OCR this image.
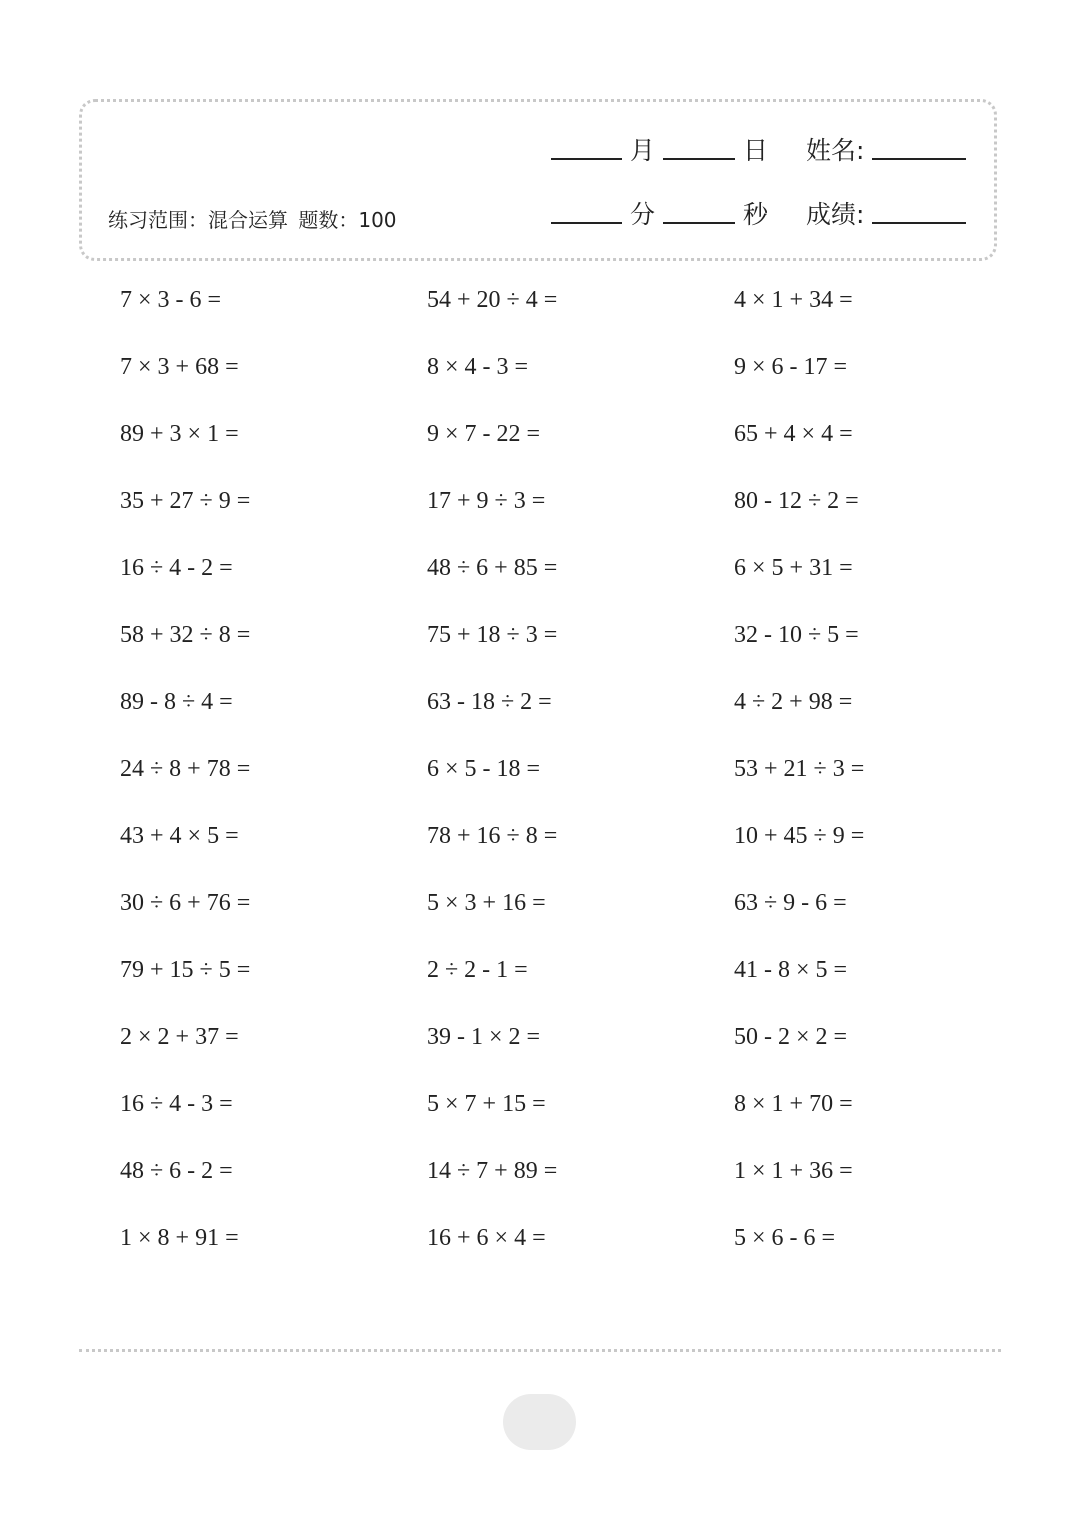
月	日 姓名:
练习范围：混合运算 题数：100	分	秒 成绩:
7 × 3 - 6 =	54 + 20 ÷ 4 =	4 × 1 + 34 =
7 × 3 + 68 =	8 × 4 - 3 =	9 × 6 - 17 =
89 + 3 × 1 =	9 × 7 - 22 =	65 + 4 × 4 =
35 + 27 ÷ 9 =	17 + 9 ÷ 3 =	80 - 12 ÷ 2 =
16 ÷ 4 - 2 =	48 ÷ 6 + 85 =	6 × 5 + 31 =
58 + 32 ÷ 8 =	75 + 18 ÷ 3 =	32 - 10 ÷ 5 =
89 - 8 ÷ 4 =	63 - 18 ÷ 2 =	4 ÷ 2 + 98 =
24 ÷ 8 + 78 =	6 × 5 - 18 =	53 + 21 ÷ 3 =
43 + 4 × 5 =	78 + 16 ÷ 8 =	10 + 45 ÷ 9 =
30 ÷ 6 + 76 =	5 × 3 + 16 =	63 ÷ 9 - 6 =
79 + 15 ÷ 5 =	2 ÷ 2 - 1 =	41 - 8 × 5 =
2 × 2 + 37 =	39 - 1 × 2 =	50 - 2 × 2 =
16 ÷ 4 - 3 =	5 × 7 + 15 =	8 × 1 + 70 =
48 ÷ 6 - 2 =	14 ÷ 7 + 89 =	1 × 1 + 36 =
1 × 8 + 91 =	16 + 6 × 4 =	5 × 6 - 6 =
